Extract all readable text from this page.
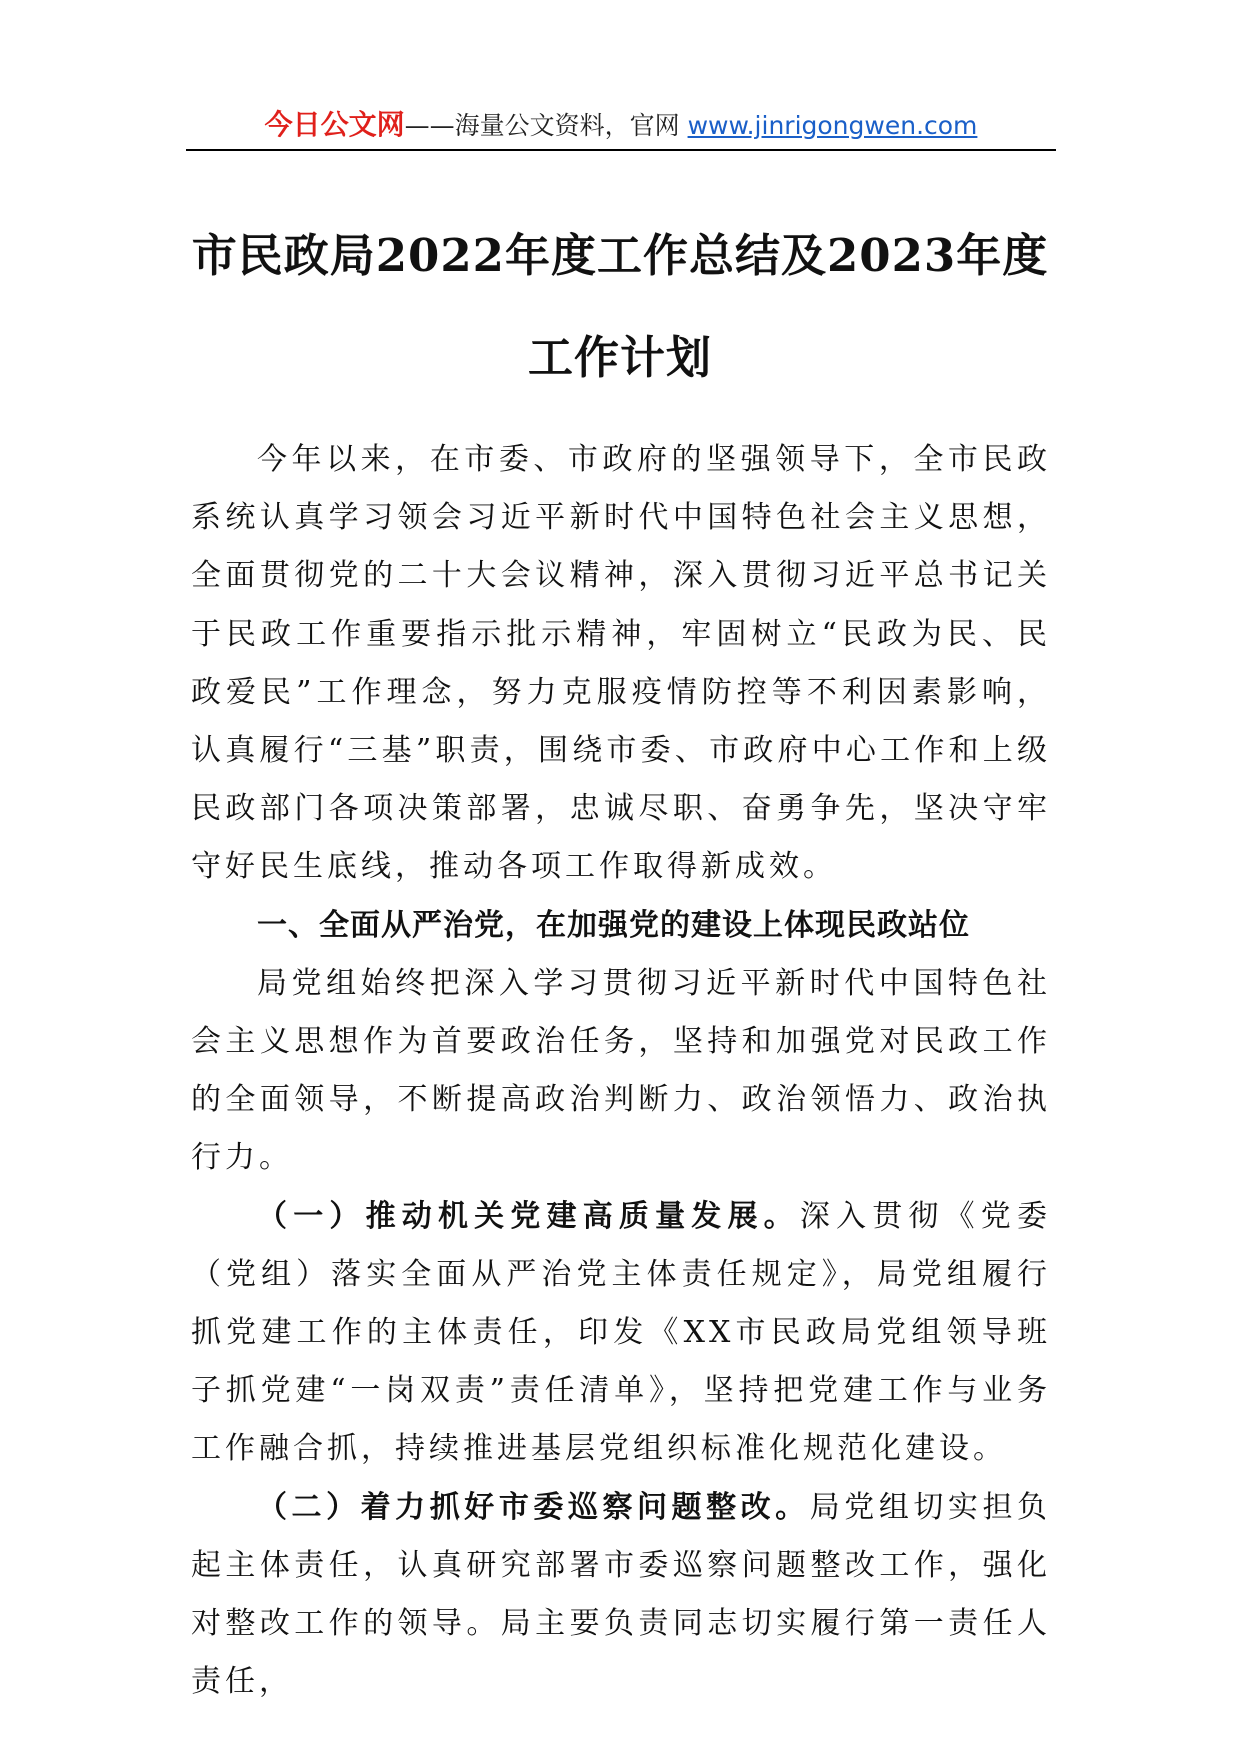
今日公文网——海量公文资料，官网 www.jinrigongwen.com
市民政局2022年度工作总结及2023年度
工作计划

今年以来，在市委、市政府的坚强领导下，全市民政系统认真学习领会习近平新时代中国特色社会主义思想，全面贯彻党的二十大会议精神，深入贯彻习近平总书记关于民政工作重要指示批示精神，牢固树立“民政为民、民政爱民”工作理念，努力克服疫情防控等不利因素影响，认真履行“三基”职责，围绕市委、市政府中心工作和上级民政部门各项决策部署，忠诚尽职、奋勇争先，坚决守牢守好民生底线，推动各项工作取得新成效。

一、全面从严治党，在加强党的建设上体现民政站位

局党组始终把深入学习贯彻习近平新时代中国特色社会主义思想作为首要政治任务，坚持和加强党对民政工作的全面领导，不断提高政治判断力、政治领悟力、政治执行力。

（一）推动机关党建高质量发展。深入贯彻《党委（党组）落实全面从严治党主体责任规定》，局党组履行抓党建工作的主体责任，印发《XX市民政局党组领导班子抓党建“一岗双责”责任清单》，坚持把党建工作与业务工作融合抓，持续推进基层党组织标准化规范化建设。

（二）着力抓好市委巡察问题整改。局党组切实担负起主体责任，认真研究部署市委巡察问题整改工作，强化对整改工作的领导。局主要负责同志切实履行第一责任人责任，
